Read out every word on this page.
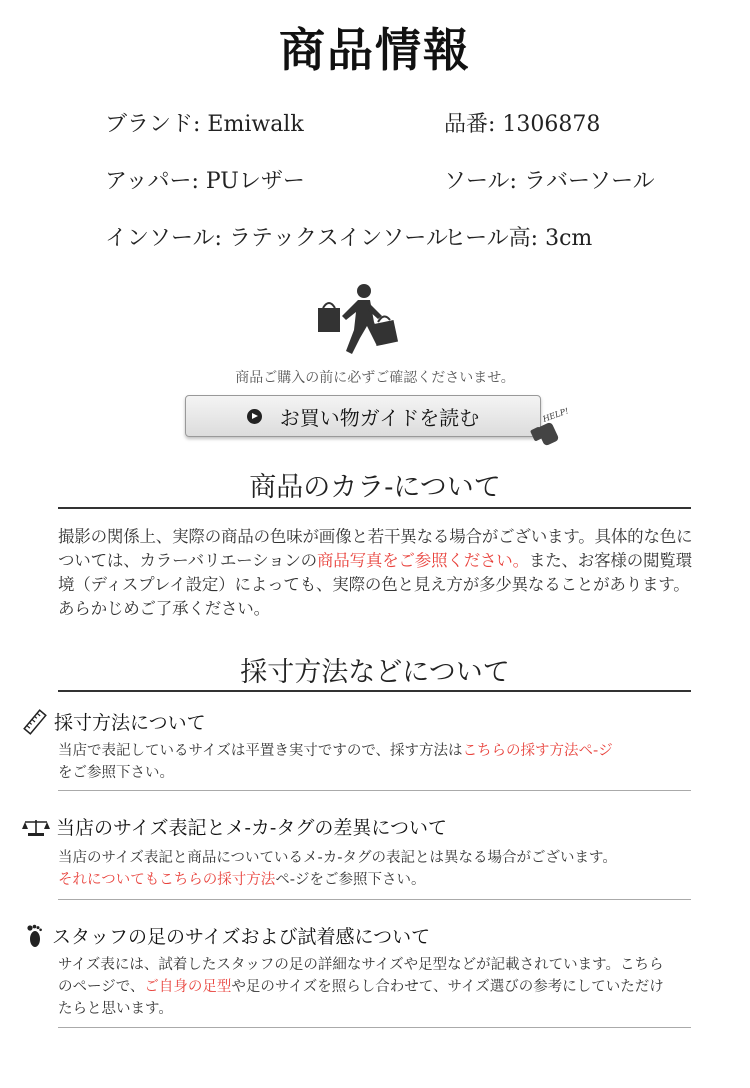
商品情報
ブランド: Emiwalk	品番: 1306878
アッパー: PUレザー	ソール: ラバーソール
インソール: ラテックスインソール
ヒール高: 3cm
商品ご購入の前に必ずご確認くださいませ。
お買い物ガイドを読む	HELP!
商品のカラ-について
撮影の関係上、実際の商品の色味が画像と若干異なる場合がございます。具体的な色については、カラーバリエーションの商品写真をご参照ください。また、お客様の閲覧環境（ディスプレイ設定）によっても、実際の色と見え方が多少異なることがあります。あらかじめご了承ください。
採寸方法などについて
採寸方法について
当店で表記しているサイズは平置き実寸ですので、採す方法はこちらの採す方法ペ-ジ
をご参照下さい。
当店のサイズ表記とメ-カ-タグの差異について
当店のサイズ表記と商品についているメ-カ-タグの表記とは異なる場合がございます。
それについてもこちらの採寸方法ペ-ジをご参照下さい。
スタッフの足のサイズおよび試着感について
サイズ表には、試着したスタッフの足の詳細なサイズや足型などが記載されています。こちらのページで、ご自身の足型や足のサイズを照らし合わせて、サイズ選びの参考にしていただけたらと思います。
